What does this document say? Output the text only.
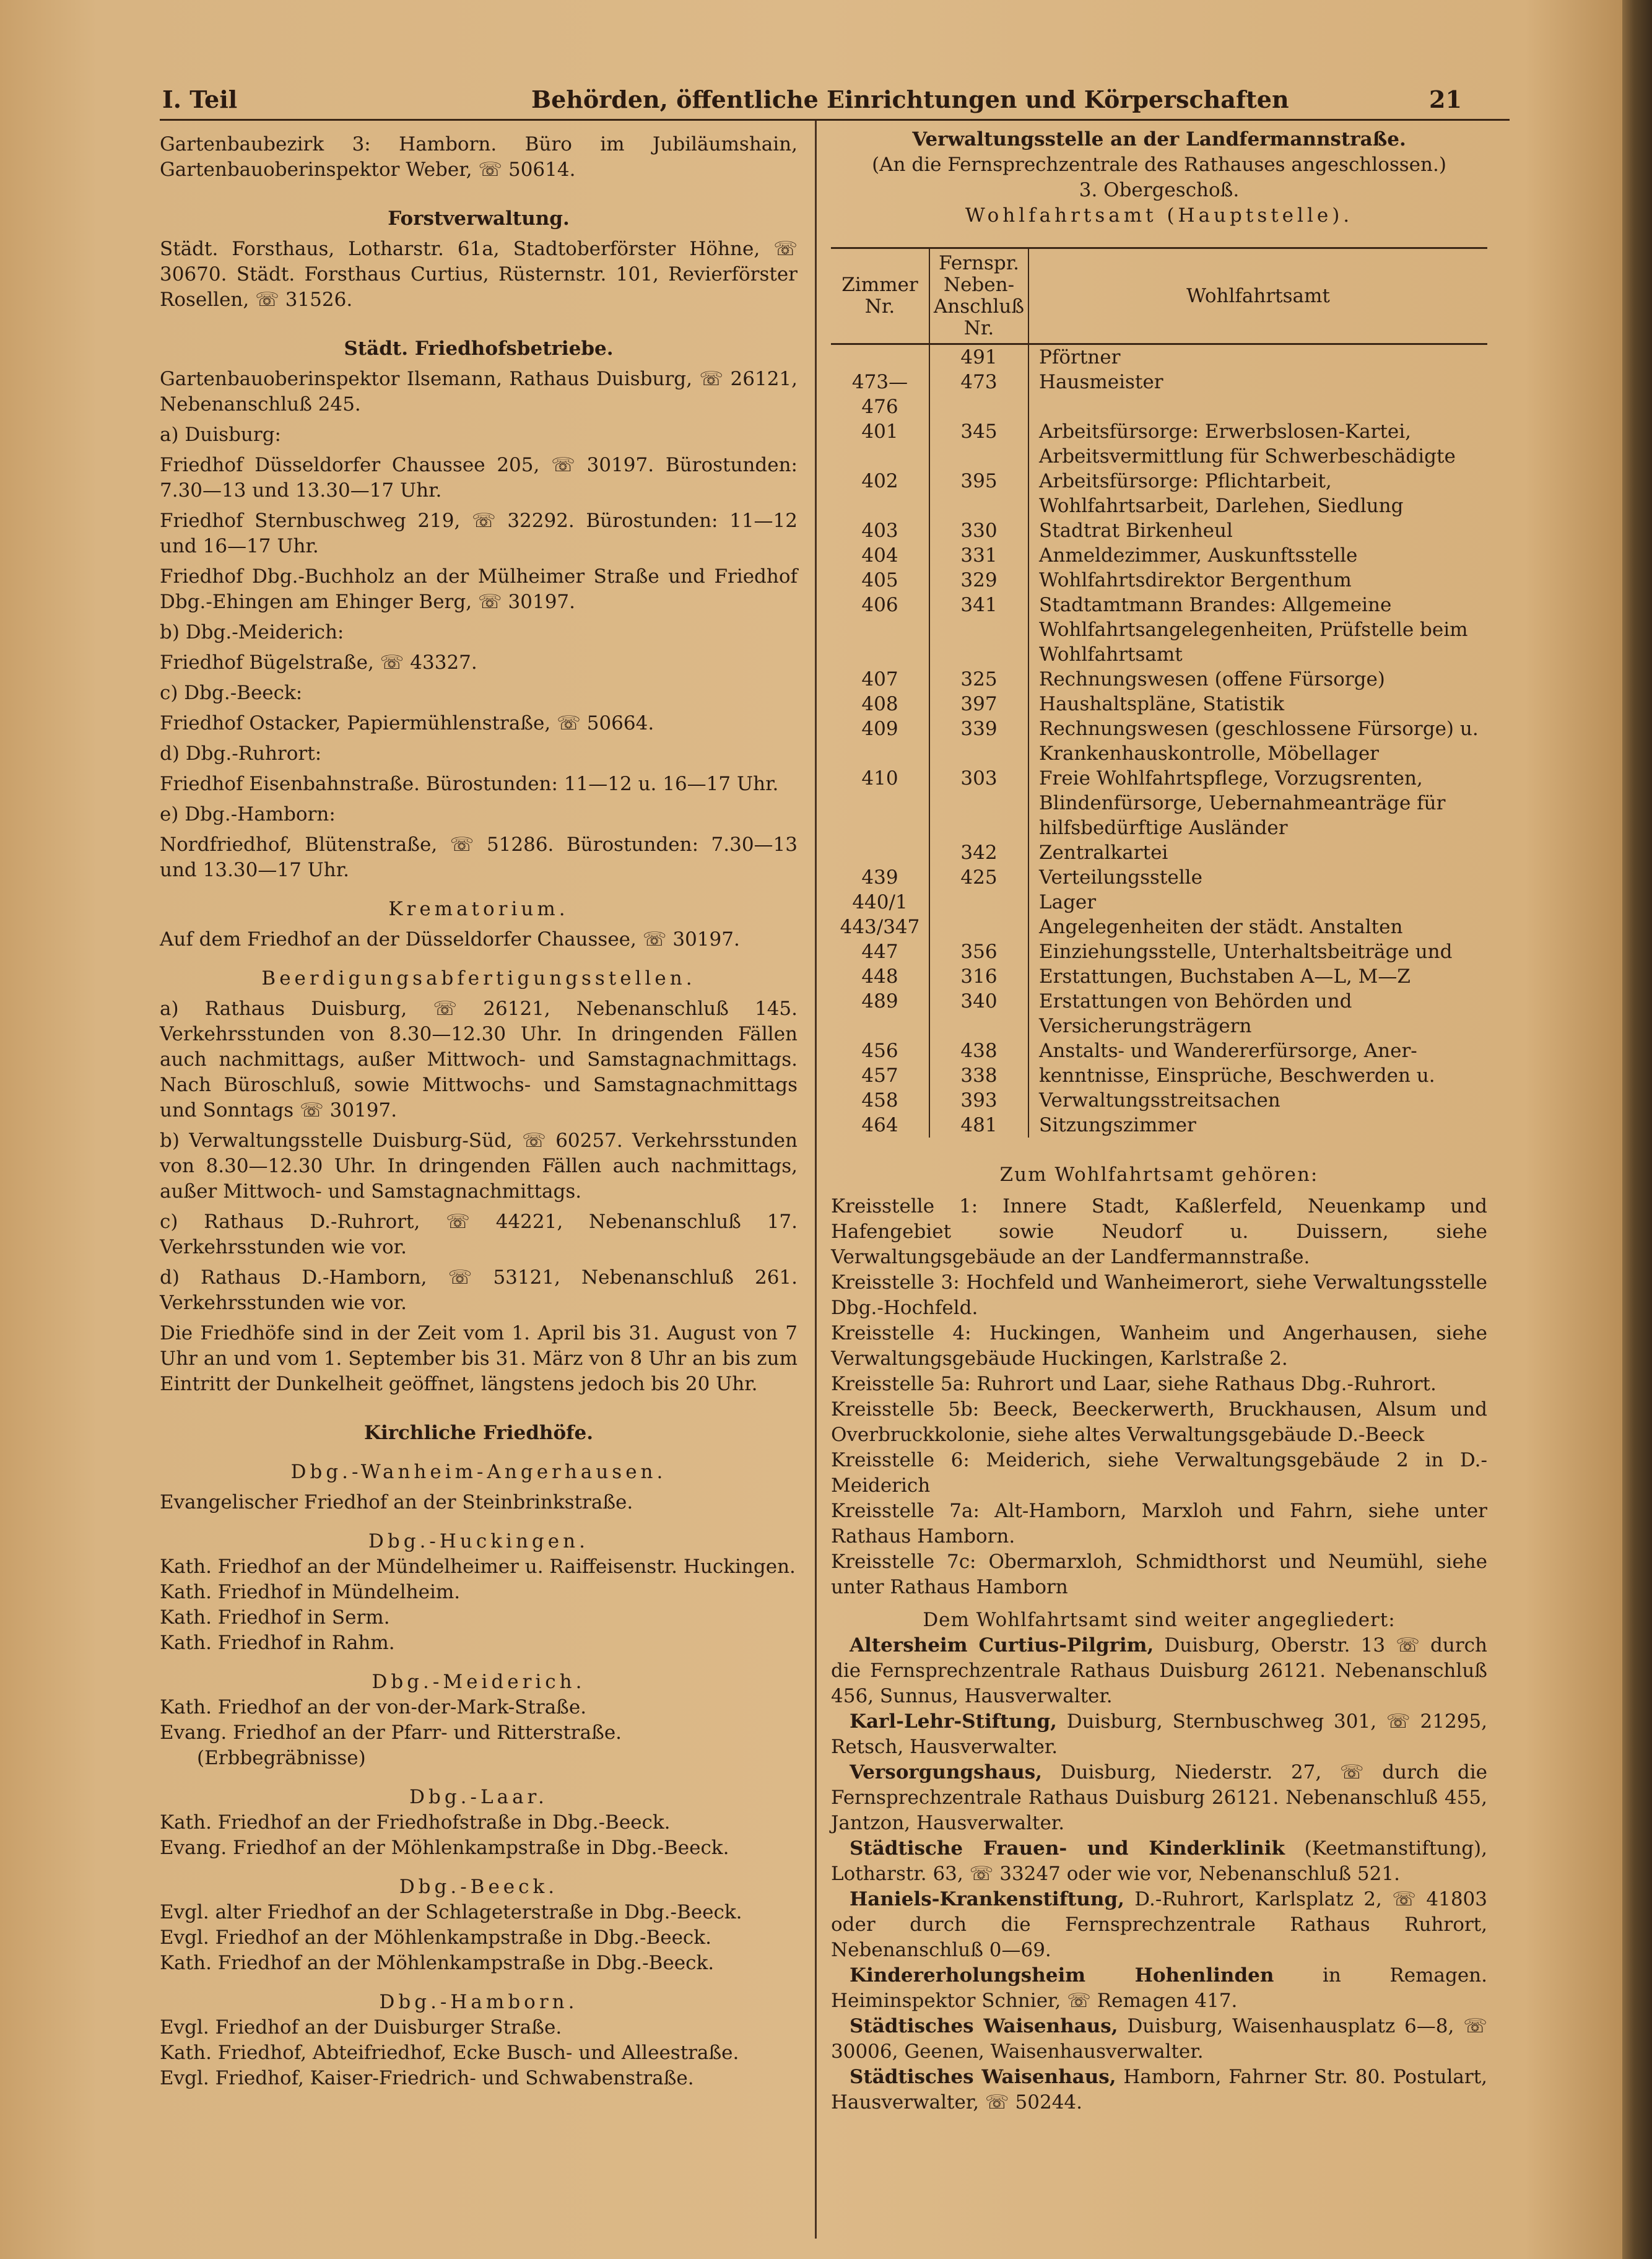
I. Teil	Behörden, öffentliche Einrichtungen und Körperschaften	21

Gartenbaubezirk 3: Hamborn. Büro im Jubiläumshain, Gartenbauoberinspektor Weber, ☏ 50614.

Forstverwaltung.

Städt. Forsthaus, Lotharstr. 61a, Stadtoberförster Höhne, ☏ 30670. Städt. Forsthaus Curtius, Rüsternstr. 101, Revierförster Rosellen, ☏ 31526.

Städt. Friedhofsbetriebe.

Gartenbauoberinspektor Ilsemann, Rathaus Duisburg, ☏ 26121, Nebenanschluß 245.

a) Duisburg:

Friedhof Düsseldorfer Chaussee 205, ☏ 30197. Bürostunden: 7.30—13 und 13.30—17 Uhr.

Friedhof Sternbuschweg 219, ☏ 32292. Bürostunden: 11—12 und 16—17 Uhr.

Friedhof Dbg.-Buchholz an der Mülheimer Straße und Friedhof Dbg.-Ehingen am Ehinger Berg, ☏ 30197.

b) Dbg.-Meiderich:

Friedhof Bügelstraße, ☏ 43327.

c) Dbg.-Beeck:

Friedhof Ostacker, Papiermühlenstraße, ☏ 50664.

d) Dbg.-Ruhrort:

Friedhof Eisenbahnstraße. Bürostunden: 11—12 u. 16—17 Uhr.

e) Dbg.-Hamborn:

Nordfriedhof, Blütenstraße, ☏ 51286. Bürostunden: 7.30—13 und 13.30—17 Uhr.

Krematorium.

Auf dem Friedhof an der Düsseldorfer Chaussee, ☏ 30197.

Beerdigungsabfertigungsstellen.

a) Rathaus Duisburg, ☏ 26121, Nebenanschluß 145. Verkehrsstunden von 8.30—12.30 Uhr. In dringenden Fällen auch nachmittags, außer Mittwoch- und Samstagnachmittags. Nach Büroschluß, sowie Mittwochs- und Samstagnachmittags und Sonntags ☏ 30197.

b) Verwaltungsstelle Duisburg-Süd, ☏ 60257. Verkehrsstunden von 8.30—12.30 Uhr. In dringenden Fällen auch nachmittags, außer Mittwoch- und Samstagnachmittags.

c) Rathaus D.-Ruhrort, ☏ 44221, Nebenanschluß 17. Verkehrsstunden wie vor.

d) Rathaus D.-Hamborn, ☏ 53121, Nebenanschluß 261. Verkehrsstunden wie vor.

Die Friedhöfe sind in der Zeit vom 1. April bis 31. August von 7 Uhr an und vom 1. September bis 31. März von 8 Uhr an bis zum Eintritt der Dunkelheit geöffnet, längstens jedoch bis 20 Uhr.

Kirchliche Friedhöfe.

Dbg.-Wanheim-Angerhausen.

Evangelischer Friedhof an der Steinbrinkstraße.

Dbg.-Huckingen.

Kath. Friedhof an der Mündelheimer u. Raiffeisenstr. Huckingen.

Kath. Friedhof in Mündelheim.

Kath. Friedhof in Serm.

Kath. Friedhof in Rahm.

Dbg.-Meiderich.

Kath. Friedhof an der von-der-Mark-Straße.

Evang. Friedhof an der Pfarr- und Ritterstraße.

(Erbbegräbnisse)

Dbg.-Laar.

Kath. Friedhof an der Friedhofstraße in Dbg.-Beeck.

Evang. Friedhof an der Möhlenkampstraße in Dbg.-Beeck.

Dbg.-Beeck.

Evgl. alter Friedhof an der Schlageterstraße in Dbg.-Beeck.

Evgl. Friedhof an der Möhlenkampstraße in Dbg.-Beeck.

Kath. Friedhof an der Möhlenkampstraße in Dbg.-Beeck.

Dbg.-Hamborn.

Evgl. Friedhof an der Duisburger Straße.

Kath. Friedhof, Abteifriedhof, Ecke Busch- und Alleestraße.

Evgl. Friedhof, Kaiser-Friedrich- und Schwabenstraße.

Verwaltungsstelle an der Landfermannstraße.

(An die Fernsprechzentrale des Rathauses angeschlossen.)

3. Obergeschoß.

Wohlfahrtsamt (Hauptstelle).

Zimmer Nr.	Fernspr. Neben-Anschluß Nr.	Wohlfahrtsamt
	491	Pförtner
473—476	473	Hausmeister
401	345	Arbeitsfürsorge: Erwerbslosen-Kartei, Arbeitsvermittlung für Schwerbeschädigte
402	395	Arbeitsfürsorge: Pflichtarbeit, Wohlfahrtsarbeit, Darlehen, Siedlung
403	330	Stadtrat Birkenheul
404	331	Anmeldezimmer, Auskunftsstelle
405	329	Wohlfahrtsdirektor Bergenthum
406	341	Stadtamtmann Brandes: Allgemeine Wohlfahrtsangelegenheiten, Prüfstelle beim Wohlfahrtsamt
407	325	Rechnungswesen (offene Fürsorge)
408	397	Haushaltspläne, Statistik
409	339	Rechnungswesen (geschlossene Fürsorge) u. Krankenhauskontrolle, Möbellager
410	303	Freie Wohlfahrtspflege, Vorzugsrenten, Blindenfürsorge, Uebernahmeanträge für hilfsbedürftige Ausländer
	342	Zentralkartei
439	425	Verteilungsstelle
440/1		Lager
443/347		Angelegenheiten der städt. Anstalten
447	356	Einziehungsstelle, Unterhaltsbeiträge und
448	316	Erstattungen, Buchstaben A—L, M—Z
489	340	Erstattungen von Behörden und Versicherungsträgern
456	438	Anstalts- und Wandererfürsorge, Aner-
457	338	kenntnisse, Einsprüche, Beschwerden u.
458	393	Verwaltungsstreitsachen
464	481	Sitzungszimmer

Zum Wohlfahrtsamt gehören:

Kreisstelle 1: Innere Stadt, Kaßlerfeld, Neuenkamp und Hafengebiet sowie Neudorf u. Duissern, siehe Verwaltungsgebäude an der Landfermannstraße.

Kreisstelle 3: Hochfeld und Wanheimerort, siehe Verwaltungsstelle Dbg.-Hochfeld.

Kreisstelle 4: Huckingen, Wanheim und Angerhausen, siehe Verwaltungsgebäude Huckingen, Karlstraße 2.

Kreisstelle 5a: Ruhrort und Laar, siehe Rathaus Dbg.-Ruhrort.

Kreisstelle 5b: Beeck, Beeckerwerth, Bruckhausen, Alsum und Overbruckkolonie, siehe altes Verwaltungsgebäude D.-Beeck

Kreisstelle 6: Meiderich, siehe Verwaltungsgebäude 2 in D.-Meiderich

Kreisstelle 7a: Alt-Hamborn, Marxloh und Fahrn, siehe unter Rathaus Hamborn.

Kreisstelle 7c: Obermarxloh, Schmidthorst und Neumühl, siehe unter Rathaus Hamborn

Dem Wohlfahrtsamt sind weiter angegliedert:

Altersheim Curtius-Pilgrim, Duisburg, Oberstr. 13 ☏ durch die Fernsprechzentrale Rathaus Duisburg 26121. Nebenanschluß 456, Sunnus, Hausverwalter.

Karl-Lehr-Stiftung, Duisburg, Sternbuschweg 301, ☏ 21295, Retsch, Hausverwalter.

Versorgungshaus, Duisburg, Niederstr. 27, ☏ durch die Fernsprechzentrale Rathaus Duisburg 26121. Nebenanschluß 455, Jantzon, Hausverwalter.

Städtische Frauen- und Kinderklinik (Keetmanstiftung), Lotharstr. 63, ☏ 33247 oder wie vor, Nebenanschluß 521.

Haniels-Krankenstiftung, D.-Ruhrort, Karlsplatz 2, ☏ 41803 oder durch die Fernsprechzentrale Rathaus Ruhrort, Nebenanschluß 0—69.

Kindererholungsheim Hohenlinden in Remagen. Heiminspektor Schnier, ☏ Remagen 417.

Städtisches Waisenhaus, Duisburg, Waisenhausplatz 6—8, ☏ 30006, Geenen, Waisenhausverwalter.

Städtisches Waisenhaus, Hamborn, Fahrner Str. 80. Postulart, Hausverwalter, ☏ 50244.
